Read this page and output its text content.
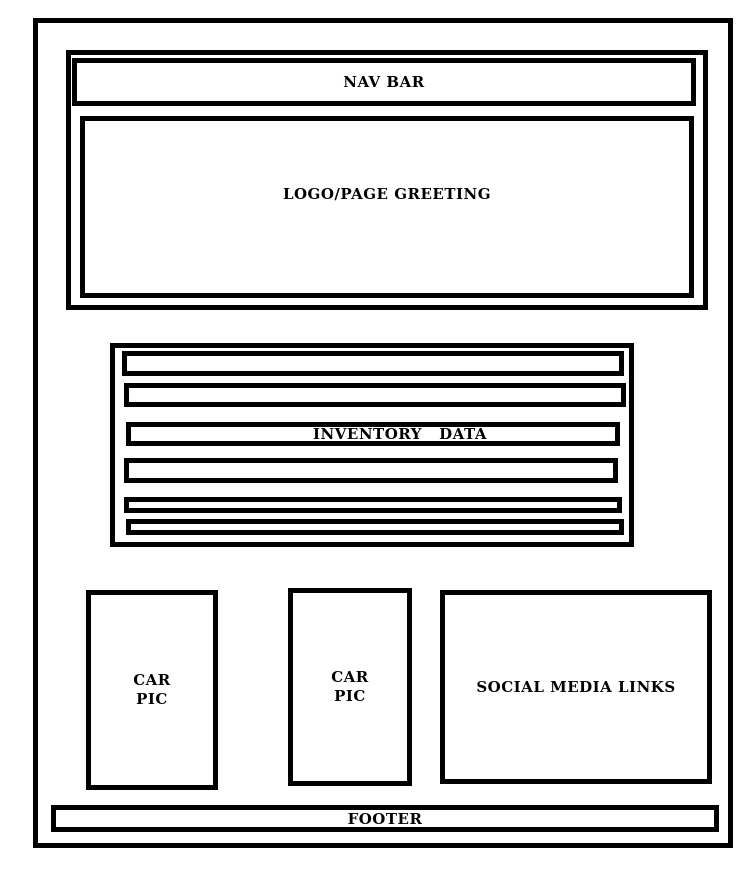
NAV BAR
LOGO/PAGE GREETING
INVENTORY   DATA
CAR
PIC
CAR
PIC
SOCIAL MEDIA LINKS
FOOTER
